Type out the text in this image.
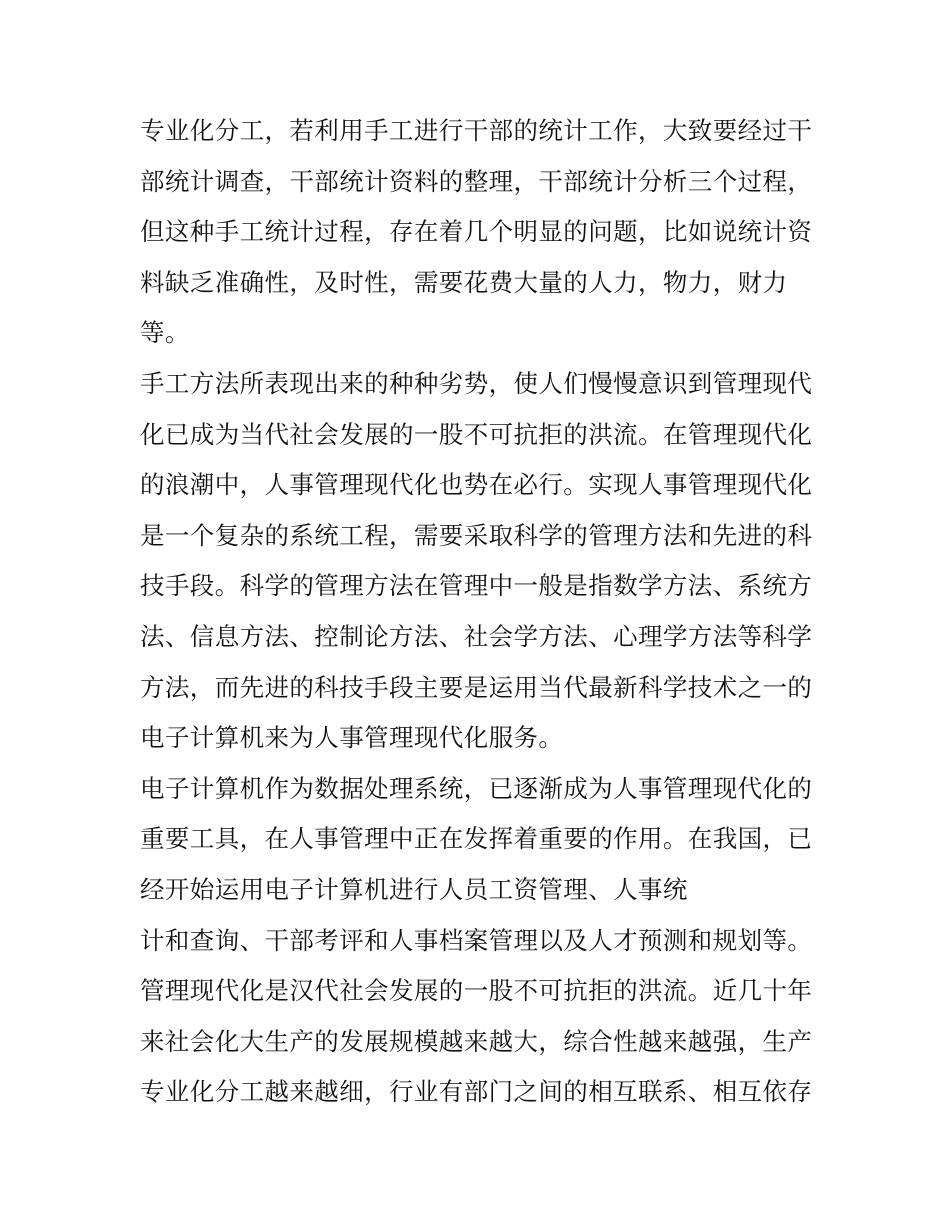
专业化分工，若利用手工进行干部的统计工作，大致要经过干
部统计调查，干部统计资料的整理，干部统计分析三个过程，
但这种手工统计过程，存在着几个明显的问题，比如说统计资
料缺乏准确性，及时性，需要花费大量的人力，物力，财力
等。
手工方法所表现出来的种种劣势，使人们慢慢意识到管理现代
化已成为当代社会发展的一股不可抗拒的洪流。在管理现代化
的浪潮中，人事管理现代化也势在必行。实现人事管理现代化
是一个复杂的系统工程，需要采取科学的管理方法和先进的科
技手段。科学的管理方法在管理中一般是指数学方法、系统方
法、信息方法、控制论方法、社会学方法、心理学方法等科学
方法，而先进的科技手段主要是运用当代最新科学技术之一的
电子计算机来为人事管理现代化服务。
电子计算机作为数据处理系统，已逐渐成为人事管理现代化的
重要工具，在人事管理中正在发挥着重要的作用。在我国，已
经开始运用电子计算机进行人员工资管理、人事统
计和查询、干部考评和人事档案管理以及人才预测和规划等。
管理现代化是汉代社会发展的一股不可抗拒的洪流。近几十年
来社会化大生产的发展规模越来越大，综合性越来越强，生产
专业化分工越来越细，行业有部门之间的相互联系、相互依存
